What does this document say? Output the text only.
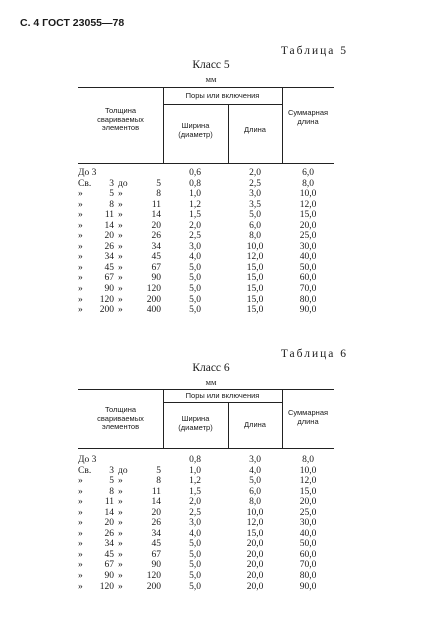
С. 4 ГОСТ 23055—78
Таблица 5
Класс 5
мм
Толщина
свариваемых
элементов
Поры или включения
Ширина
(диаметр)	Длина
Суммарная
длина
До 3	0,6	2,0	6,0
Св.	3 до	5	0,8	2,5	8,0
»	5 »	8	1,0	3,0	10,0
»	8 »	11	1,2	3,5	12,0
»	11 »	14	1,5	5,0	15,0
»	14 »	20	2,0	6,0	20,0
»	20 »	26	2,5	8,0	25,0
»	26 »	34	3,0	10,0	30,0
»	34 »	45	4,0	12,0	40,0
»	45 »	67	5,0	15,0	50,0
»	67 »	90	5,0	15,0	60,0
»	90 »	120	5,0	15,0	70,0
»	120 »	200	5,0	15,0	80,0
»	200 »	400	5,0	15,0	90,0
Таблица 6
Класс 6
мм
Толщина
свариваемых
элементов
Поры или включения
Ширина
(диаметр)	Длина
Суммарная
длина
До 3	0,8	3,0	8,0
Св.	3 до	5	1,0	4,0	10,0
»	5 »	8	1,2	5,0	12,0
»	8 »	11	1,5	6,0	15,0
»	11 »	14	2,0	8,0	20,0
»	14 »	20	2,5	10,0	25,0
»	20 »	26	3,0	12,0	30,0
»	26 »	34	4,0	15,0	40,0
»	34 »	45	5,0	20,0	50,0
»	45 »	67	5,0	20,0	60,0
»	67 »	90	5,0	20,0	70,0
»	90 »	120	5,0	20,0	80,0
»	120 »	200	5,0	20,0	90,0
